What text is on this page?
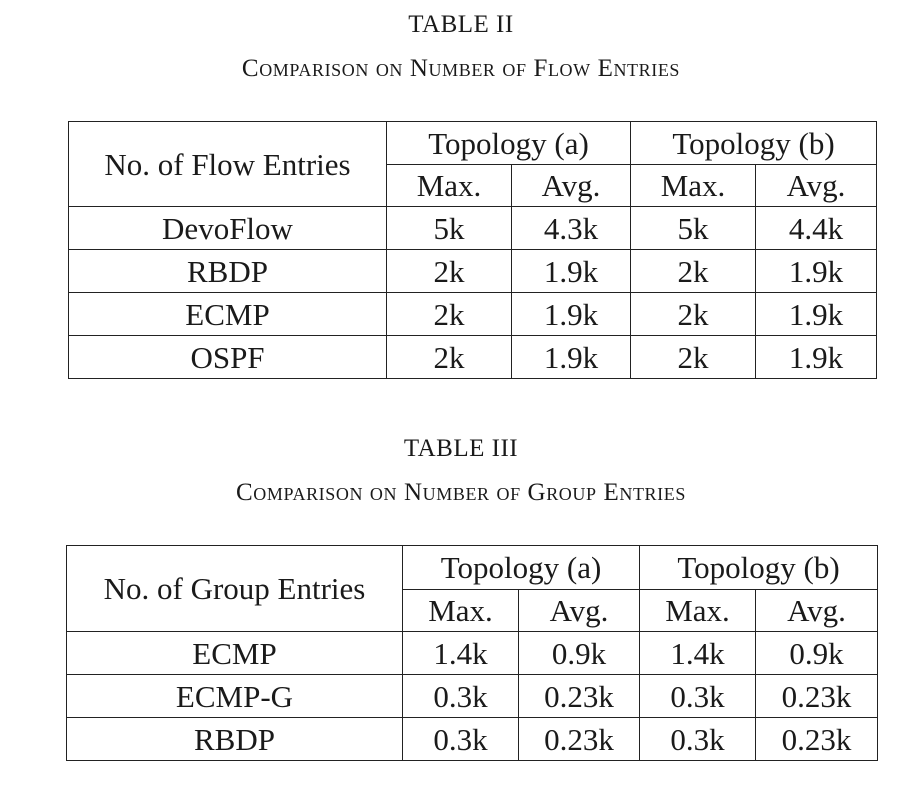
TABLE II
Comparison on Number of Flow Entries
No. of Flow Entries	Topology (a)		Topology (b)	
	Max.	Avg.	Max.	Avg.
DevoFlow	5k	4.3k	5k	4.4k
RBDP	2k	1.9k	2k	1.9k
ECMP	2k	1.9k	2k	1.9k
OSPF	2k	1.9k	2k	1.9k
TABLE III
Comparison on Number of Group Entries
No. of Group Entries	Topology (a)		Topology (b)	
	Max.	Avg.	Max.	Avg.
ECMP	1.4k	0.9k	1.4k	0.9k
ECMP-G	0.3k	0.23k	0.3k	0.23k
RBDP	0.3k	0.23k	0.3k	0.23k
